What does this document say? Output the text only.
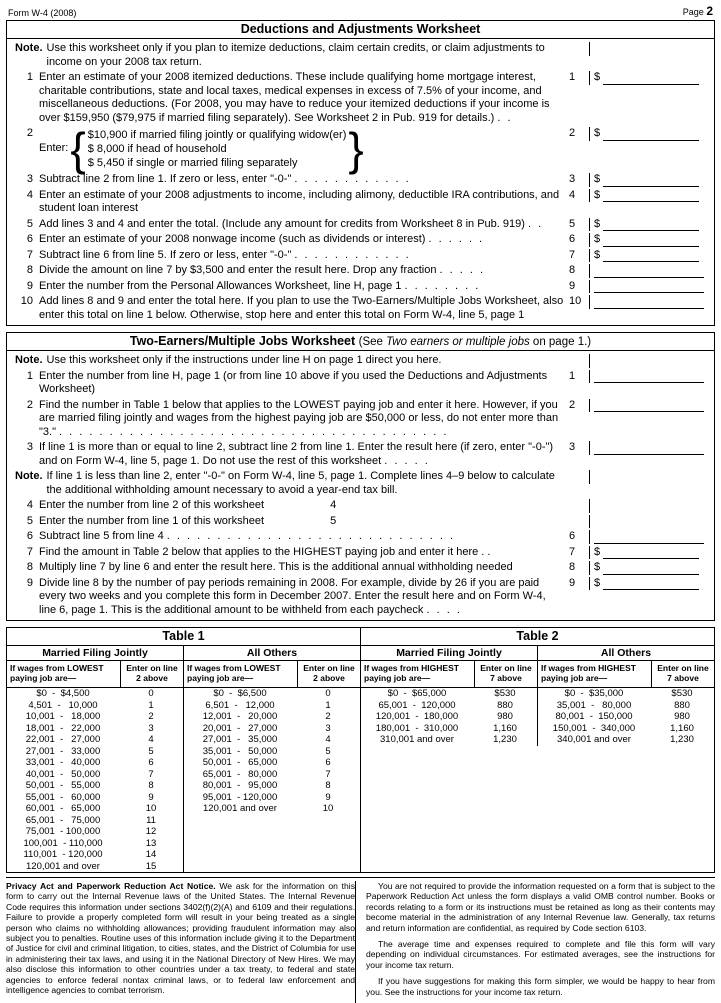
Form W-4 (2008)	Page 2
Deductions and Adjustments Worksheet
Note. Use this worksheet only if you plan to itemize deductions, claim certain credits, or claim adjustments to income on your 2008 tax return.

1 Enter an estimate of your 2008 itemized deductions. These include qualifying home mortgage interest, charitable contributions, state and local taxes, medical expenses in excess of 7.5% of your income, and miscellaneous deductions. (For 2008, you may have to reduce your itemized deductions if your income is over $159,950 ($79,975 if married filing separately). See Worksheet 2 in Pub. 919 for details.) . .
1	$
2
Enter: { $10,900 if married filing jointly or qualifying widow(er)
$ 8,000 if head of household
$ 5,450 if single or married filing separately	}	2	$
3 Subtract line 2 from line 1. If zero or less, enter "-0-" . . . . . . . . . . . .	3	$
4 Enter an estimate of your 2008 adjustments to income, including alimony, deductible IRA contributions, and student loan interest
4	$
5 Add lines 3 and 4 and enter the total. (Include any amount for credits from Worksheet 8 in Pub. 919) . .	5	$
6 Enter an estimate of your 2008 nonwage income (such as dividends or interest) . . . . . .	6	$
7 Subtract line 6 from line 5. If zero or less, enter "-0-" . . . . . . . . . . . .	7	$
8 Divide the amount on line 7 by $3,500 and enter the result here. Drop any fraction . . . . .	8
9 Enter the number from the Personal Allowances Worksheet, line H, page 1 . . . . . . . .	9
10 Add lines 8 and 9 and enter the total here. If you plan to use the Two-Earners/Multiple Jobs Worksheet, also enter this total on line 1 below. Otherwise, stop here and enter this total on Form W-4, line 5, page 1
10
Two-Earners/Multiple Jobs Worksheet (See Two earners or multiple jobs on page 1.)
Note. Use this worksheet only if the instructions under line H on page 1 direct you here.

1 Enter the number from line H, page 1 (or from line 10 above if you used the Deductions and Adjustments Worksheet)
1
2 Find the number in Table 1 below that applies to the LOWEST paying job and enter it here. However, if you are married filing jointly and wages from the highest paying job are $50,000 or less, do not enter more than "3." . . . . . . . . . . . . . . . . . . . . . . . . . . . . . . . . . . . . . . .
2
3 If line 1 is more than or equal to line 2, subtract line 2 from line 1. Enter the result here (if zero, enter "-0-") and on Form W-4, line 5, page 1. Do not use the rest of this worksheet . . . . .
3
Note. If line 1 is less than line 2, enter "-0-" on Form W-4, line 5, page 1. Complete lines 4–9 below to calculate the additional withholding amount necessary to avoid a year-end tax bill.

4 Enter the number from line 2 of this worksheet	4

5 Enter the number from line 1 of this worksheet	5

6 Subtract line 5 from line 4 . . . . . . . . . . . . . . . . . . . . . . . . . . . . .	6
7 Find the amount in Table 2 below that applies to the HIGHEST paying job and enter it here . .	7	$
8 Multiply line 7 by line 6 and enter the result here. This is the additional annual withholding needed	8	$
9 Divide line 8 by the number of pay periods remaining in 2008. For example, divide by 26 if you are paid every two weeks and you complete this form in December 2007. Enter the result here and on Form W-4, line 6, page 1. This is the additional amount to be withheld from each paycheck . . . .
9	$
Table 1
Married Filing Jointly	All Others
If wages from LOWEST paying job are—
Enter on line 2 above
$0  -  $4,500	0
4,501  -   10,000	1
10,001  -   18,000	2
18,001  -   22,000	3
22,001  -   27,000	4
27,001  -   33,000	5
33,001  -   40,000	6
40,001  -   50,000	7
50,001  -   55,000	8
55,001  -   60,000	9
60,001  -   65,000	10
65,001  -   75,000	11
75,001  - 100,000	12
100,001  - 110,000	13
110,001  - 120,000	14
120,001 and over	15
If wages from LOWEST paying job are—
Enter on line 2 above
$0  -  $6,500	0
6,501  -   12,000	1
12,001  -   20,000	2
20,001  -   27,000	3
27,001  -   35,000	4
35,001  -   50,000	5
50,001  -   65,000	6
65,001  -   80,000	7
80,001  -   95,000	8
95,001  - 120,000	9
120,001 and over	10
Table 2
Married Filing Jointly	All Others
If wages from HIGHEST paying job are—
Enter on line 7 above
$0  -  $65,000	$530
65,001  -  120,000	880
120,001  -  180,000	980
180,001  -  310,000	1,160
310,001 and over	1,230
If wages from HIGHEST paying job are—
Enter on line 7 above
$0  -  $35,000	$530
35,001  -   80,000	880
80,001  -  150,000	980
150,001  -  340,000	1,160
340,001 and over	1,230

Privacy Act and Paperwork Reduction Act Notice. We ask for the information on this form to carry out the Internal Revenue laws of the United States. The Internal Revenue Code requires this information under sections 3402(f)(2)(A) and 6109 and their regulations. Failure to provide a properly completed form will result in your being treated as a single person who claims no withholding allowances; providing fraudulent information may also subject you to penalties. Routine uses of this information include giving it to the Department of Justice for civil and criminal litigation, to cities, states, and the District of Columbia for use in administering their tax laws, and using it in the National Directory of New Hires. We may also disclose this information to other countries under a tax treaty, to federal and state agencies to enforce federal nontax criminal laws, or to federal law enforcement and intelligence agencies to combat terrorism.

You are not required to provide the information requested on a form that is subject to the Paperwork Reduction Act unless the form displays a valid OMB control number. Books or records relating to a form or its instructions must be retained as long as their contents may become material in the administration of any Internal Revenue law. Generally, tax returns and return information are confidential, as required by Code section 6103.

The average time and expenses required to complete and file this form will vary depending on individual circumstances. For estimated averages, see the instructions for your income tax return.

If you have suggestions for making this form simpler, we would be happy to hear from you. See the instructions for your income tax return.
